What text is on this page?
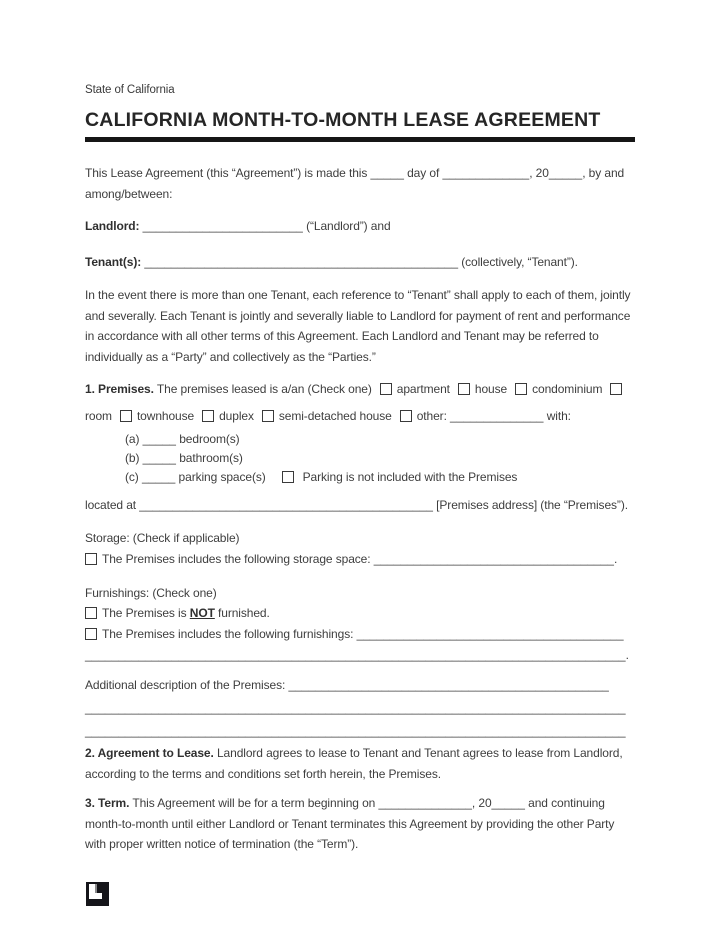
State of California
CALIFORNIA MONTH-TO-MONTH LEASE AGREEMENT

This Lease Agreement (this “Agreement”) is made this _____ day of _____________, 20_____, by and

among/between:

Landlord: ________________________ (“Landlord”) and

Tenant(s): _______________________________________________ (collectively, “Tenant”).

In the event there is more than one Tenant, each reference to “Tenant” shall apply to each of them, jointly

and severally. Each Tenant is jointly and severally liable to Landlord for payment of rent and performance

in accordance with all other terms of this Agreement. Each Landlord and Tenant may be referred to

individually as a “Party” and collectively as the “Parties.”

1. Premises. The premises leased is a/an (Check one) apartment house condominium

room townhouse duplex semi-detached house other: ______________ with:

(a) _____ bedroom(s)

(b) _____ bathroom(s)

(c) _____ parking space(s)	Parking is not included with the Premises

located at ____________________________________________ [Premises address] (the “Premises”).

Storage: (Check if applicable)

The Premises includes the following storage space: ____________________________________.

Furnishings: (Check one)

The Premises is NOT furnished.

The Premises includes the following furnishings: ________________________________________

_________________________________________________________________________________.

Additional description of the Premises: ________________________________________________

_________________________________________________________________________________

_________________________________________________________________________________

2. Agreement to Lease. Landlord agrees to lease to Tenant and Tenant agrees to lease from Landlord,

according to the terms and conditions set forth herein, the Premises.

3. Term. This Agreement will be for a term beginning on ______________, 20_____ and continuing

month-to-month until either Landlord or Tenant terminates this Agreement by providing the other Party

with proper written notice of termination (the “Term”).
